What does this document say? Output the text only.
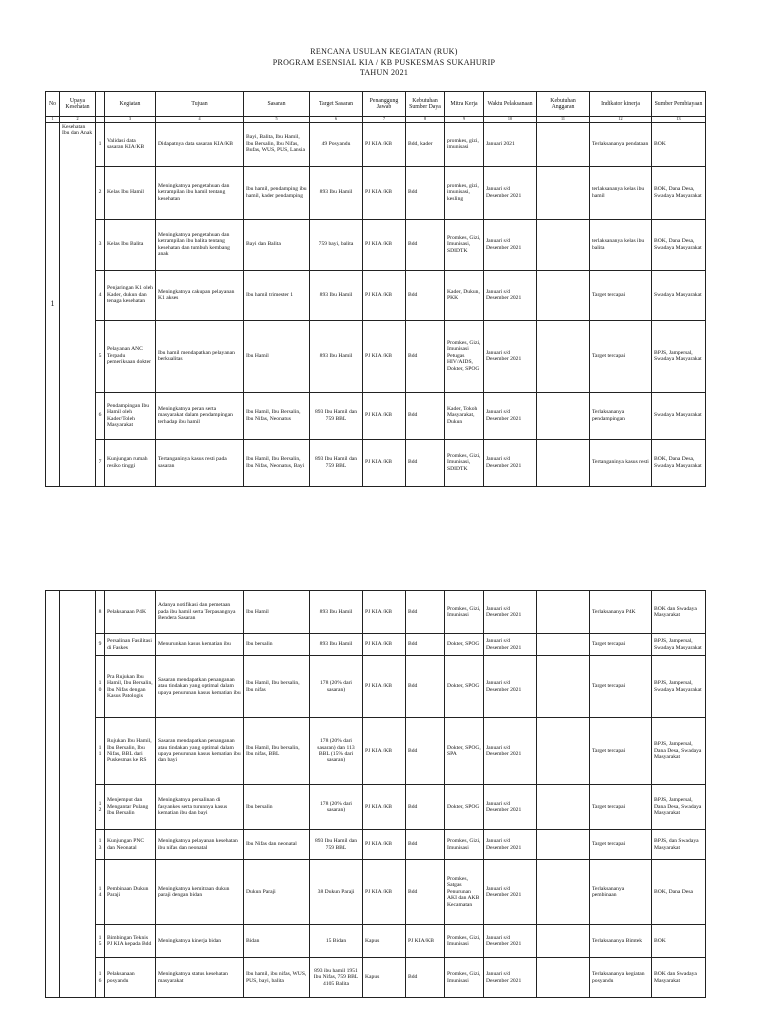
RENCANA USULAN KEGIATAN (RUK)
PROGRAM ESENSIAL KIA / KB PUSKESMAS SUKAHURIP
TAHUN 2021
No	Upaya Kesehatan		Kegiatan	Tujuan	Sasaran	Target Sasaran	Penanggung Jawab	Kebutuhan Sumber Daya	Mitra Kerja	Waktu Pelaksanaan	Kebutuhan Anggaran	Indikator kinerja	Sumber Pembiayaan
1	2		3	4	5	6	7	8	9	10	11	12	13
1	Kesehatan Ibu dan Anak	1	Validasi data sasaran KIA/KB	Didapatnya data sasaran KIA/KB	Bayi, Balita, Ibu Hamil, Ibu Bersalin, Ibu Nifas, Bufas, WUS, PUS, Lansia	49 Posyandu	PJ KIA /KB	Bdd, kader	promkes, gizi, imunisasi	Januari 2021		Terlaksananya pendataan	BOK
		2	Kelas Ibu Hamil	Meningkatnya pengetahuan dan ketrampilan ibu hamil tentang kesehatan	Ibu hamil, pendamping ibu hamil, kader pendamping	893 Ibu Hamil	PJ KIA /KB	Bdd	promkes, gizi, imunisasi, kesling	Januari s/d Desember 2021		terlaksananya kelas ibu hamil	BOK, Dana Desa, Swadaya Masyarakat
		3	Kelas Ibu Balita	Meningkatnya pengetahuan dan ketrampilan ibu balita tentang kesehatan dan tumbuh kembang anak	Bayi dan Balita	759 bayi, balita	PJ KIA /KB	Bdd	Promkes, Gizi, Imunisasi, SDIDTK	Januari s/d Desember 2021		terlaksananya kelas ibu balita	BOK, Dana Desa, Swadaya Masyarakat
		4	Penjaringan K1 oleh Kader, dukun dan tenaga kesehatan	Meningkatnya cakupan pelayanan K1 akses	Ibu hamil trimester 1	893 Ibu Hamil	PJ KIA /KB	Bdd	Kader, Dukun, PKK	Januari s/d Desember 2021		Target tercapai	Swadaya Masyarakat
		5	Pelayanan ANC Terpadu pemeriksaan dokter	Ibu hamil mendapatkan pelayanan berkualitas	Ibu Hamil	893 Ibu Hamil	PJ KIA /KB	Bdd	Promkes, Gizi, Imunisasi Petugas HIV/AIDS, Dokter, SPOG	Januari s/d Desember 2021		Target tercapai	BPJS, Jampersal, Swadaya Masyarakat
		6	Pendampingan Ibu Hamil oleh Kader/Toleh Masyarakat	Meningkatnya peran serta masyarakat dalam pendampingan terhadap ibu hamil	Ibu Hamil, Ibu Bersalin, Ibu Nifas, Neonatus	893 Ibu Hamil dan 759 BBL	PJ KIA /KB	Bdd	Kader, Tokoh Masyarakat, Dukun	Januari s/d Desember 2021		Terlaksananya pendampingan	Swadaya Masyarakat
		7	Kunjungan rumah resiko tinggi	Tertanganinya kasus resti pada sasaran	Ibu Hamil, Ibu Bersalin, Ibu Nifas, Neonatus, Bayi	893 Ibu Hamil dan 759 BBL	PJ KIA /KB	Bdd	Promkes, Gizi, Imunisasi, SDIDTK	Januari s/d Desember 2021		Tertanganinya kasus resti	BOK, Dana Desa, Swadaya Masyarakat
		8	Pelaksanaan P4K	Adanya notifikasi dan pemetaan pada ibu hamil serta Terpasangnya Bendera Sasaran	Ibu Hamil	893 Ibu Hamil	PJ KIA /KB	Bdd	Promkes, Gizi, Imunisasi	Januari s/d Desember 2021		Terlaksananya P4K	BOK dan Swadaya Masyarakat
		9	Persalinan Fasilitasi di Faskes	Menurunkan kasus kematian ibu	Ibu bersalin	893 Ibu Hamil	PJ KIA /KB	Bdd	Dokter, SPOG	Januari s/d Desember 2021		Target tercapai	BPJS, Jampersal, Swadaya Masyarakat
		10	Pra Rujukan Ibu Hamil, Ibu Bersalin, Ibu Nifas dengan Kasus Patologis	Sasaran mendapatkan penanganan atau tindakan yang optimal dalam upaya penurunan kasus kematian ibu	Ibu Hamil, Ibu bersalin, Ibu nifas	178 (20% dari sasaran)	PJ KIA /KB	Bdd	Dokter, SPOG	Januari s/d Desember 2021		Target tercapai	BPJS, Jampersal, Swadaya Masyarakat
		11	Rujukan Ibu Hamil, Ibu Bersalin, Ibu Nifas, BBL dari Puskesmas ke RS	Sasaran mendapatkan penanganan atau tindakan yang optimal dalam upaya penurunan kasus kematian ibu dan bayi	Ibu Hamil, Ibu bersalin, Ibu nifas, BBL	178 (20% dari sasaran) dan 113 BBL (15% dari sasaran)	PJ KIA /KB	Bdd	Dokter, SPOG, SPA	Januari s/d Desember 2021		Target tercapai	BPJS, Jampersal, Dana Desa, Swadaya Masyarakat
		12	Menjemput dan Mengantar Pulang Ibu Bersalin	Meningkatnya persalinan di fasyankes serta turunnya kasus kematian ibu dan bayi	Ibu bersalin	178 (20% dari sasaran)	PJ KIA /KB	Bdd	Dokter, SPOG	Januari s/d Desember 2021		Target tercapai	BPJS, Jampersal, Dana Desa, Swadaya Masyarakat
		13	Kunjungan PNC dan Neonatal	Meningkatnya pelayanan kesehatan ibu nifas dan neonatal	Ibu Nifas dan neonatal	893 Ibu Hamil dan 759 BBL	PJ KIA /KB	Bdd	Promkes, Gizi, Imunisasi	Januari s/d Desember 2021		Target tercapai	BPJS, dan Swadaya Masyarakat
		14	Pembinaan Dukun Paraji	Meningkatnya kemitraan dukun paraji dengan bidan	Dukun Paraji	38 Dukun Paraji	PJ KIA /KB	Bdd	Promkes, Satgas Penurunan AKI dan AKB Kecamatan	Januari s/d Desember 2021		Terlaksananya pembinaan	BOK, Dana Desa
		15	Bimbingan Teknis PJ KIA kepada Bdd	Meningkatnya kinerja bidan	Bidan	15 Bidan	Kapus	PJ KIA/KB	Promkes, Gizi, Imunisasi	Januari s/d Desember 2021		Terlaksananya Bimtek	BOK
		16	Pelaksanaan posyandu	Meningkatnya status kesehatan masyarakat	Ibu hamil, ibu nifas, WUS, PUS, bayi, balita	893 ibu hamil 1951 Ibu Nifas, 759 BBL 4105 Balita	Kapus	Bdd	Promkes, Gizi, Imunisasi	Januari s/d Desember 2021		Terlaksananya kegiatan posyandu	BOK dan Swadaya Masyarakat
